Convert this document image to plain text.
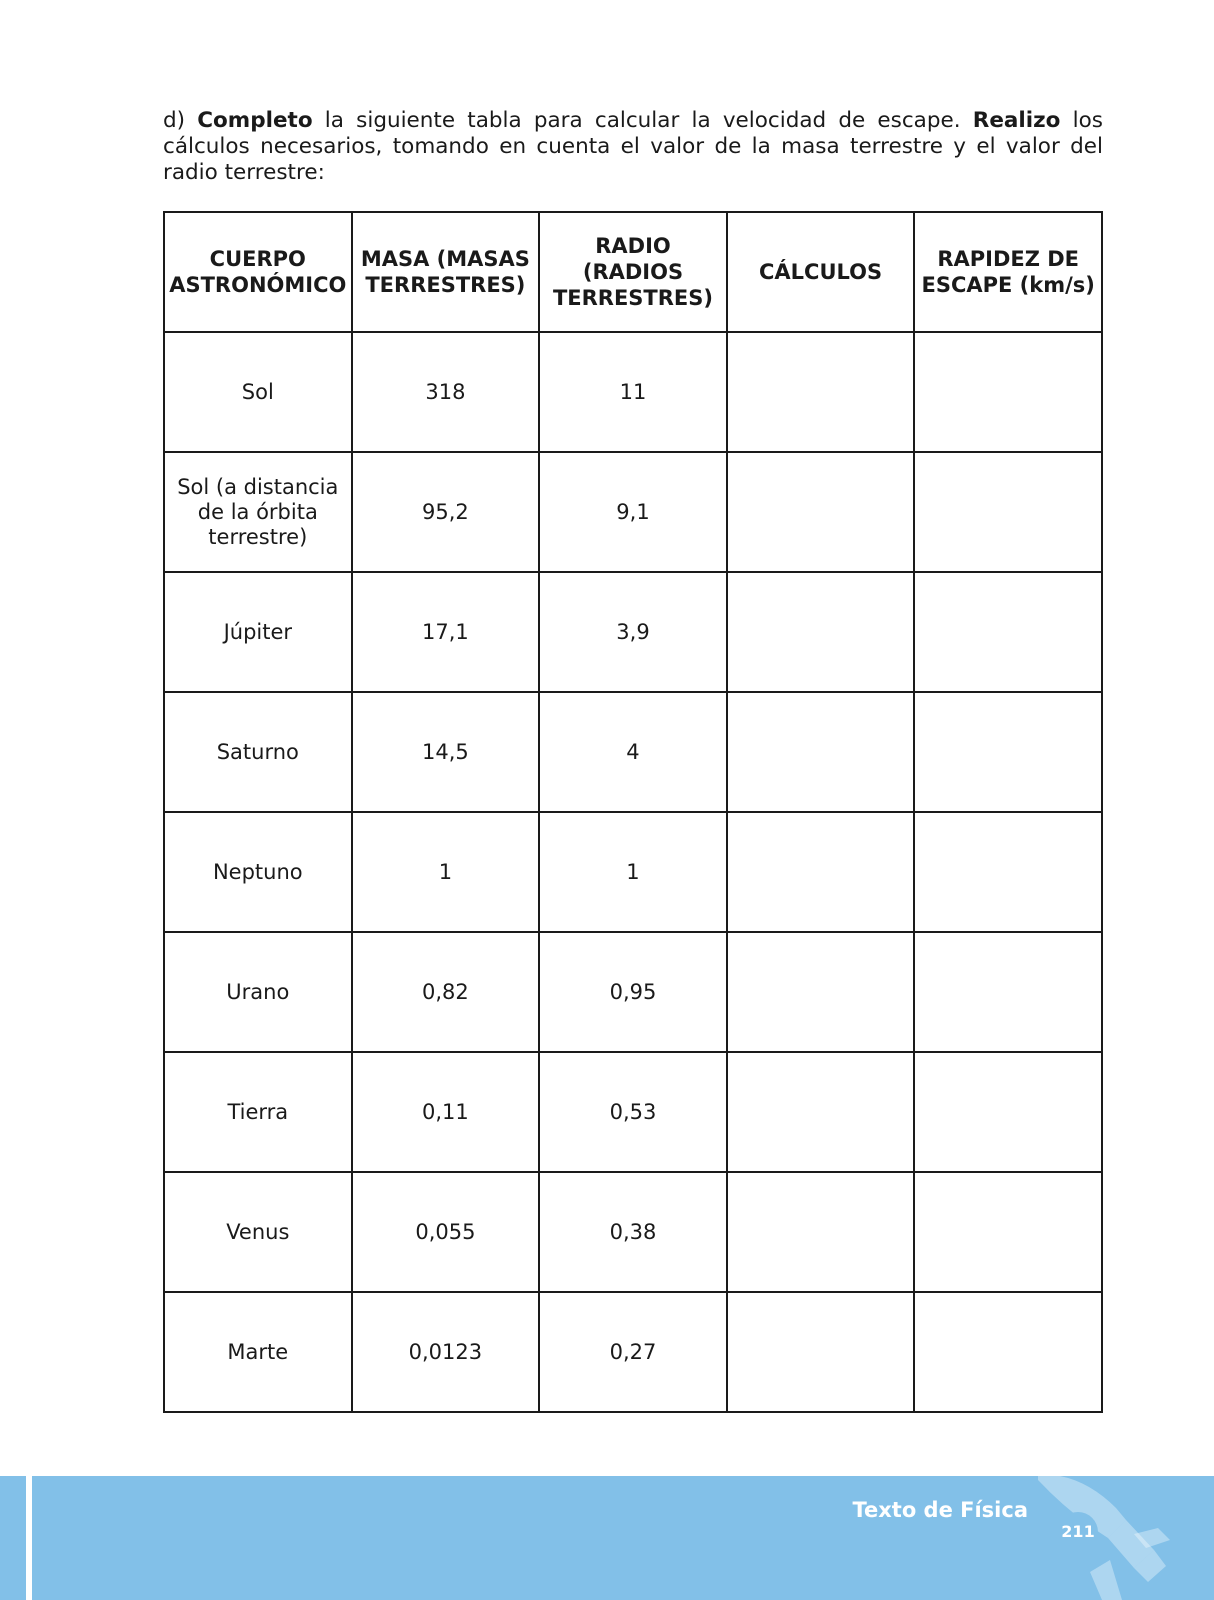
d) Completo la siguiente tabla para calcular la velocidad de escape. Realizo los cálculos necesarios, tomando en cuenta el valor de la masa terrestre y el valor del radio terrestre:

CUERPO ASTRONÓMICO	MASA (MASAS TERRESTRES)	RADIO (RADIOS TERRESTRES)	CÁLCULOS	RAPIDEZ DE ESCAPE (km/s)
Sol	318	11		
Sol (a distancia de la órbita terrestre)	95,2	9,1		
Júpiter	17,1	3,9		
Saturno	14,5	4		
Neptuno	1	1		
Urano	0,82	0,95		
Tierra	0,11	0,53		
Venus	0,055	0,38		
Marte	0,0123	0,27		
Texto de Física
211
